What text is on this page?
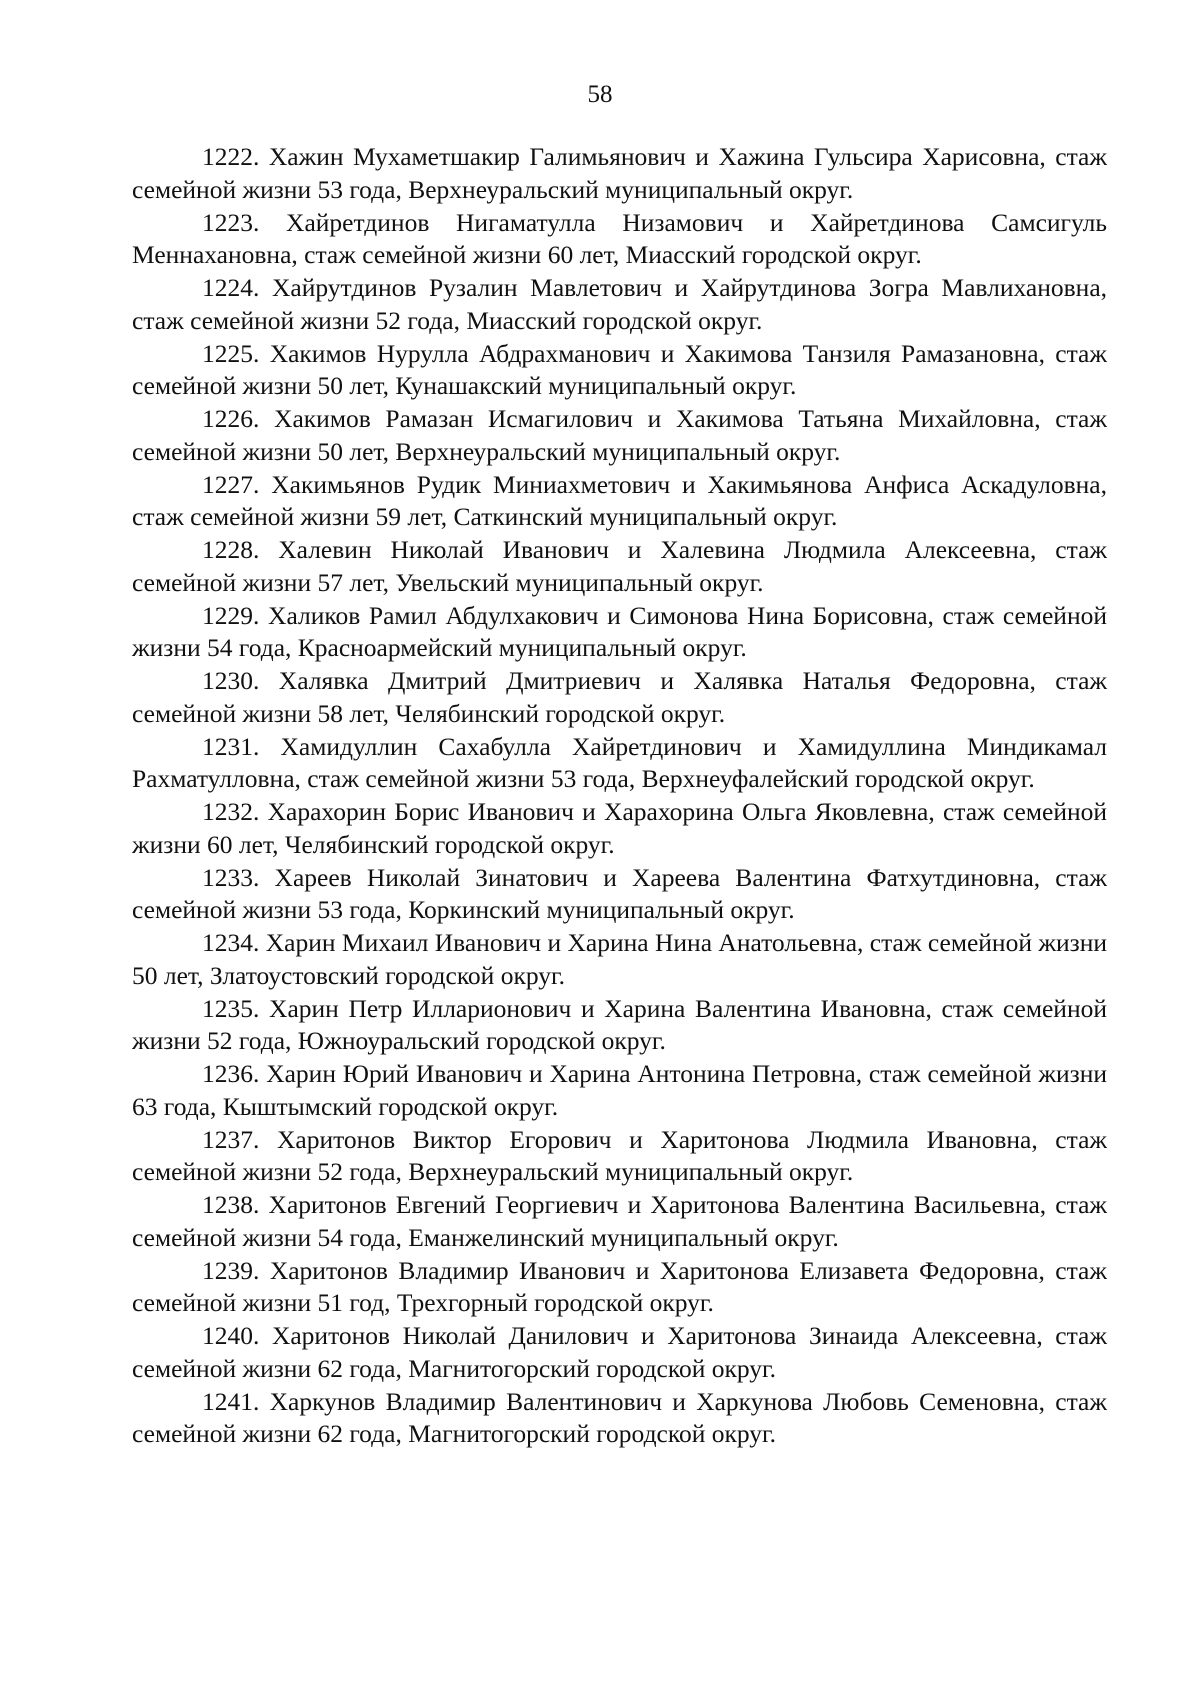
58

1222. Хажин Мухаметшакир Галимьянович и Хажина Гульсира Харисовна, стаж семейной жизни 53 года, Верхнеуральский муниципальный округ.

1223. Хайретдинов Нигаматулла Низамович и Хайретдинова Самсигуль Меннахановна, стаж семейной жизни 60 лет, Миасский городской округ.

1224. Хайрутдинов Рузалин Мавлетович и Хайрутдинова Зогра Мавлихановна, стаж семейной жизни 52 года, Миасский городской округ.

1225. Хакимов Нурулла Абдрахманович и Хакимова Танзиля Рамазановна, стаж семейной жизни 50 лет, Кунашакский муниципальный округ.

1226. Хакимов Рамазан Исмагилович и Хакимова Татьяна Михайловна, стаж семейной жизни 50 лет, Верхнеуральский муниципальный округ.

1227. Хакимьянов Рудик Миниахметович и Хакимьянова Анфиса Аскадуловна, стаж семейной жизни 59 лет, Саткинский муниципальный округ.

1228. Халевин Николай Иванович и Халевина Людмила Алексеевна, стаж семейной жизни 57 лет, Увельский муниципальный округ.

1229. Халиков Рамил Абдулхакович и Симонова Нина Борисовна, стаж семейной жизни 54 года, Красноармейский муниципальный округ.

1230. Халявка Дмитрий Дмитриевич и Халявка Наталья Федоровна, стаж семейной жизни 58 лет, Челябинский городской округ.

1231. Хамидуллин Сахабулла Хайретдинович и Хамидуллина Миндикамал Рахматулловна, стаж семейной жизни 53 года, Верхнеуфалейский городской округ.

1232. Харахорин Борис Иванович и Харахорина Ольга Яковлевна, стаж семейной жизни 60 лет, Челябинский городской округ.

1233. Хареев Николай Зинатович и Хареева Валентина Фатхутдиновна, стаж семейной жизни 53 года, Коркинский муниципальный округ.

1234. Харин Михаил Иванович и Харина Нина Анатольевна, стаж семейной жизни 50 лет, Златоустовский городской округ.

1235. Харин Петр Илларионович и Харина Валентина Ивановна, стаж семейной жизни 52 года, Южноуральский городской округ.

1236. Харин Юрий Иванович и Харина Антонина Петровна, стаж семейной жизни 63 года, Кыштымский городской округ.

1237. Харитонов Виктор Егорович и Харитонова Людмила Ивановна, стаж семейной жизни 52 года, Верхнеуральский муниципальный округ.

1238. Харитонов Евгений Георгиевич и Харитонова Валентина Васильевна, стаж семейной жизни 54 года, Еманжелинский муниципальный округ.

1239. Харитонов Владимир Иванович и Харитонова Елизавета Федоровна, стаж семейной жизни 51 год, Трехгорный городской округ.

1240. Харитонов Николай Данилович и Харитонова Зинаида Алексеевна, стаж семейной жизни 62 года, Магнитогорский городской округ.

1241. Харкунов Владимир Валентинович и Харкунова Любовь Семеновна, стаж семейной жизни 62 года, Магнитогорский городской округ.
